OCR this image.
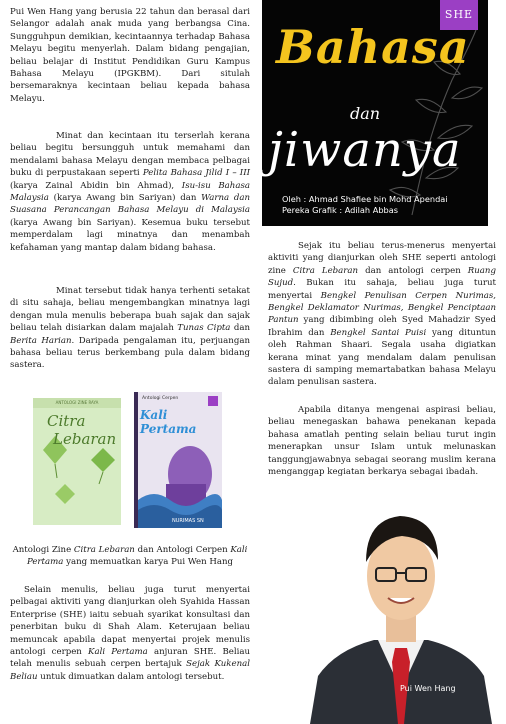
SHE
Bahasa
dan
jiwanya
Oleh : Ahmad Shafiee bin Mohd Apendai
Pereka Grafik : Adilah Abbas

Pui Wen Hang yang berusia 22 tahun dan berasal dari Selangor adalah anak muda yang berbangsa Cina. Sungguhpun demikian, kecintaannya terhadap Bahasa Melayu begitu menyerlah. Dalam bidang pengajian, beliau belajar di Institut Pendidikan Guru Kampus Bahasa Melayu (IPGKBM). Dari situlah bersemaraknya kecintaan beliau kepada bahasa Melayu.

Minat dan kecintaan itu terserlah kerana beliau begitu bersungguh untuk memahami dan mendalami bahasa Melayu dengan membaca pelbagai buku di perpustakaan seperti Pelita Bahasa Jilid I – III (karya Zainal Abidin bin Ahmad), Isu-isu Bahasa Malaysia (karya Awang bin Sariyan) dan Warna dan Suasana Perancangan Bahasa Melayu di Malaysia (karya Awang bin Sariyan). Kesemua buku tersebut memperdalam lagi minatnya dan menambah kefahaman yang mantap dalam bidang bahasa.

Minat tersebut tidak hanya terhenti setakat di situ sahaja, beliau mengembangkan minatnya lagi dengan mula menulis beberapa buah sajak dan sajak beliau telah disiarkan dalam majalah Tunas Cipta dan Berita Harian. Daripada pengalaman itu, perjuangan bahasa beliau terus berkembang pula dalam bidang sastera.

ANTOLOGI ZINE RAYA
Citra
Lebaran
Antologi Cerpen
Kali Pertama
NURIMAS SN
Antologi Zine Citra Lebaran dan Antologi Cerpen Kali Pertama yang memuatkan karya Pui Wen Hang

Selain menulis, beliau juga turut menyertai pelbagai aktiviti yang dianjurkan oleh Syahida Hassan Enterprise (SHE) iaitu sebuah syarikat konsultasi dan penerbitan buku di Shah Alam. Keterujaan beliau memuncak apabila dapat menyertai projek menulis antologi cerpen Kali Pertama anjuran SHE. Beliau telah menulis sebuah cerpen bertajuk Sejak Kukenal Beliau untuk dimuatkan dalam antologi tersebut.

Sejak itu beliau terus-menerus menyertai aktiviti yang dianjurkan oleh SHE seperti antologi zine Citra Lebaran dan antologi cerpen Ruang Sujud. Bukan itu sahaja, beliau juga turut menyertai Bengkel Penulisan Cerpen Nurimas, Bengkel Deklamator Nurimas, Bengkel Penciptaan Pantun yang dibimbing oleh Syed Mahadzir Syed Ibrahim dan Bengkel Santai Puisi yang dituntun oleh Rahman Shaari. Segala usaha digiatkan kerana minat yang mendalam dalam penulisan sastera di samping memartabatkan bahasa Melayu dalam penulisan sastera.

Apabila ditanya mengenai aspirasi beliau, beliau menegaskan bahawa penekanan kepada bahasa amatlah penting selain beliau turut ingin menerapkan unsur Islam untuk melunaskan tanggungjawabnya sebagai seorang muslim kerana menganggap kegiatan berkarya sebagai ibadah.

Pui Wen Hang
